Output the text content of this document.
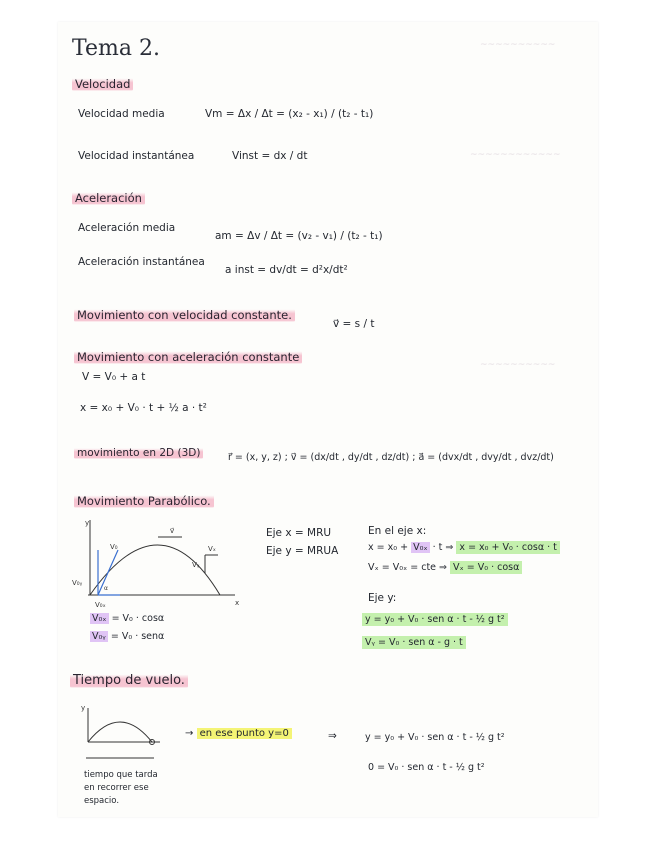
~~~~~~~~~~
~~~~~~~~~~~~
~~~~~~~~~~
Tema 2.
Velocidad
Velocidad media	Vm = Δx / Δt = (x₂ - x₁) / (t₂ - t₁)
Velocidad instantánea	Vinst = dx / dt
Aceleración
Aceleración media
am = Δv / Δt = (v₂ - v₁) / (t₂ - t₁)
Aceleración instantánea
a inst = dv/dt = d²x/dt²
Movimiento con velocidad constante.
v⃗ = s / t
Movimiento con aceleración constante
V = V₀ + a t
x = x₀ + V₀ · t + ½ a · t²
movimiento en 2D (3D)	r⃗ = (x, y, z) ; v⃗ = (dx/dt , dy/dt , dz/dt) ; a⃗ = (dvx/dt , dvy/dt , dvz/dt)
Movimiento Parabólico.
y
x
V₀ᵧ
V₀ₓ
α
V₀
v⃗
Vₓ
Vᵧ
Eje x = MRU
Eje y = MRUA
En el eje x:
x = x₀ + V₀ₓ · t ⇒ x = x₀ + V₀ · cosα · t
Vₓ = V₀ₓ = cte ⇒ Vₓ = V₀ · cosα
V₀ₓ = V₀ · cosα
V₀ᵧ = V₀ · senα
Eje y:
y = y₀ + V₀ · sen α · t - ½ g t²
Vᵧ = V₀ · sen α - g · t
Tiempo de vuelo.
y
→ en ese punto y=0	⇒	y = y₀ + V₀ · sen α · t - ½ g t²
0 = V₀ · sen α · t - ½ g t²
tiempo que tarda
en recorrer ese
espacio.
